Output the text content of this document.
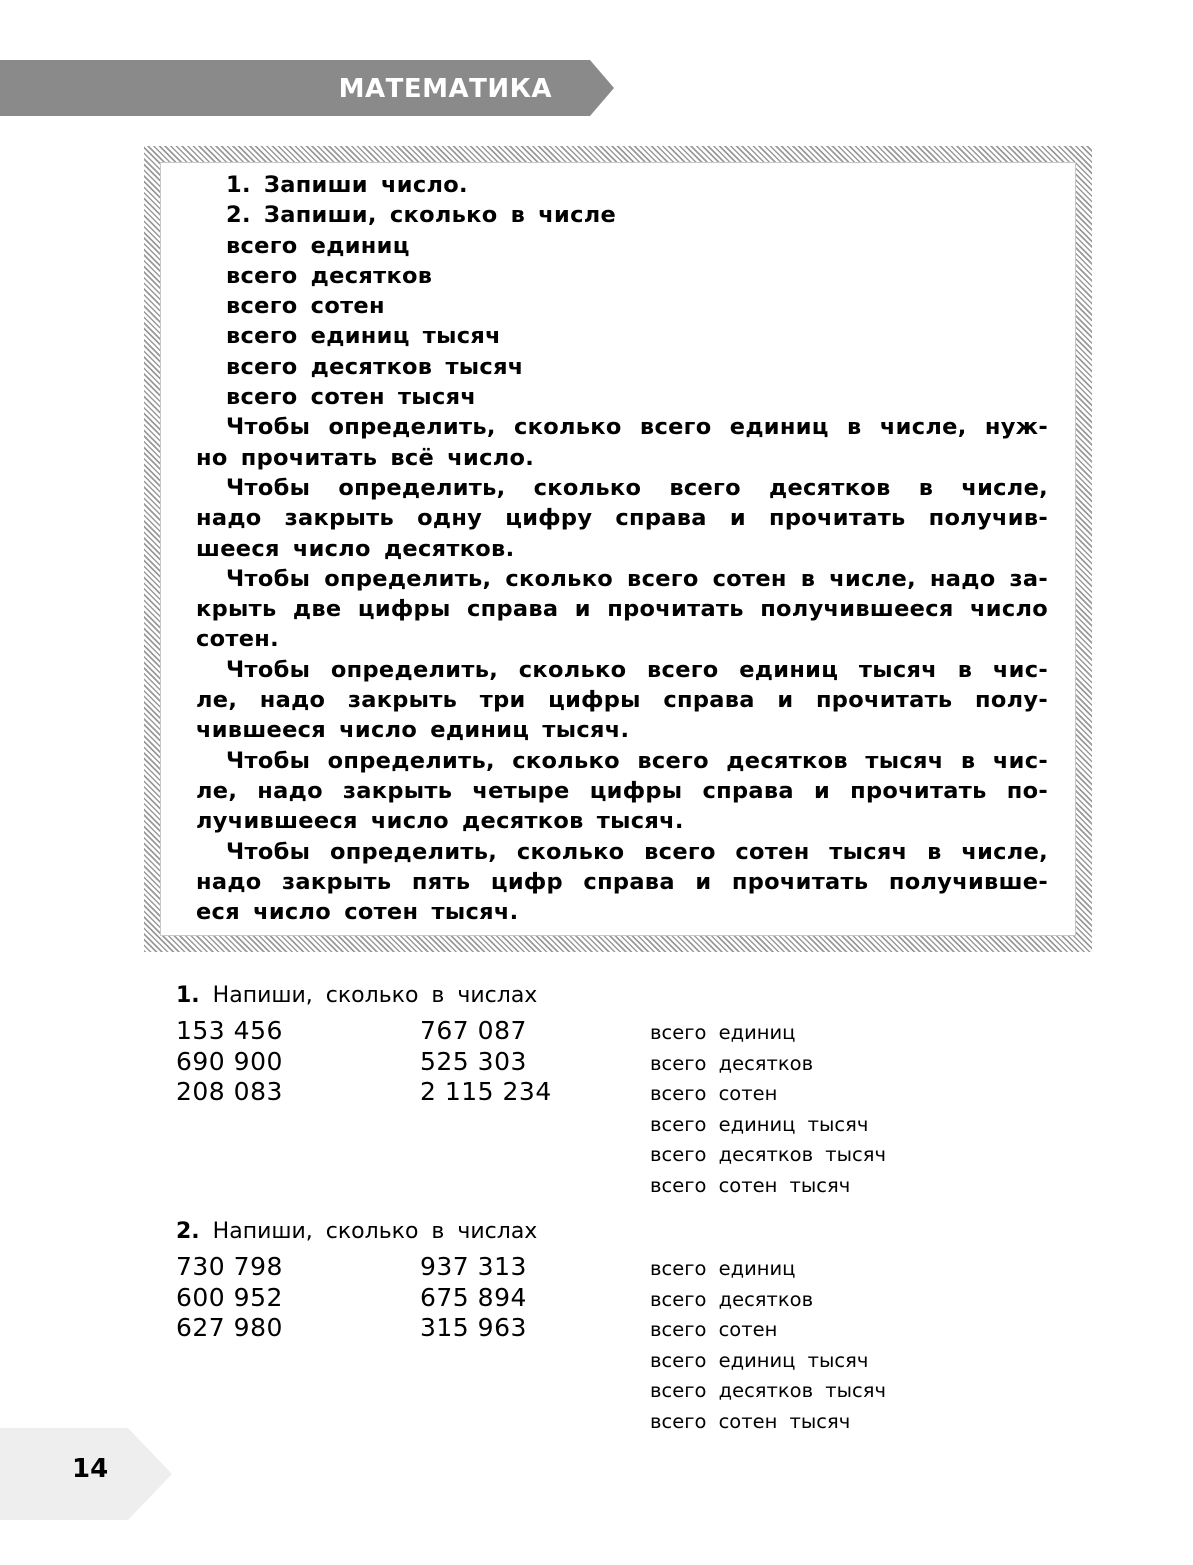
МАТЕМАТИКА
1. Запиши число.
2. Запиши, сколько в числе
всего единиц
всего десятков
всего сотен
всего единиц тысяч
всего десятков тысяч
всего сотен тысяч
Чтобы определить, сколько всего единиц в числе, нуж-
но прочитать всё число.
Чтобы определить, сколько всего десятков в числе,
надо закрыть одну цифру справа и прочитать получив-
шееся число десятков.
Чтобы определить, сколько всего сотен в числе, надо за-
крыть две цифры справа и прочитать получившееся число
сотен.
Чтобы определить, сколько всего единиц тысяч в чис-
ле, надо закрыть три цифры справа и прочитать полу-
чившееся число единиц тысяч.
Чтобы определить, сколько всего десятков тысяч в чис-
ле, надо закрыть четыре цифры справа и прочитать по-
лучившееся число десятков тысяч.
Чтобы определить, сколько всего сотен тысяч в числе,
надо закрыть пять цифр справа и прочитать получивше-
еся число сотен тысяч.
1. Напиши, сколько в числах
153 456
690 900
208 083
767 087
525 303
2 115 234
всего единиц
всего десятков
всего сотен
всего единиц тысяч
всего десятков тысяч
всего сотен тысяч
2. Напиши, сколько в числах
730 798
600 952
627 980
937 313
675 894
315 963
всего единиц
всего десятков
всего сотен
всего единиц тысяч
всего десятков тысяч
всего сотен тысяч
14
